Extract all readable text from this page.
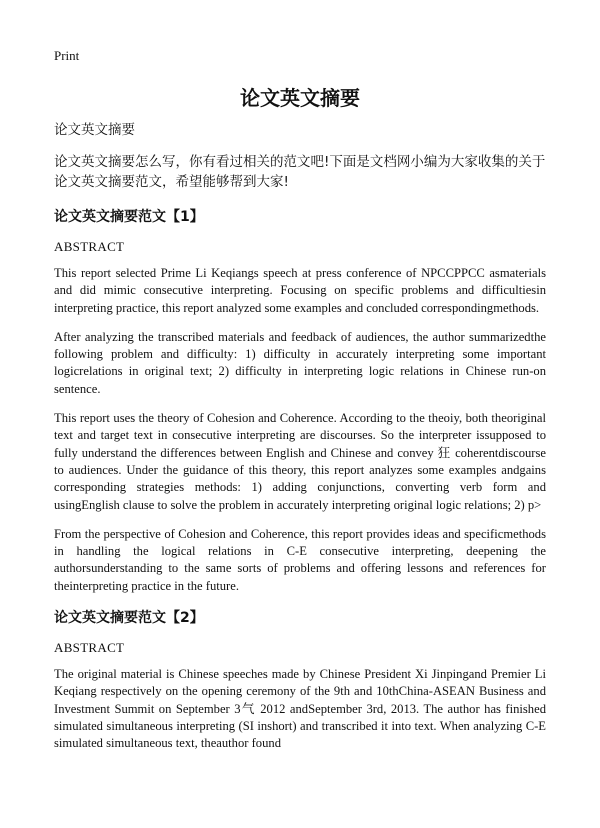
Print
论文英文摘要
论文英文摘要
论文英文摘要怎么写，你有看过相关的范文吧!下面是文档网小编为大家收集的关于论文英文摘要范文，希望能够帮到大家!
论文英文摘要范文【1】
ABSTRACT

This report selected Prime Li Keqiangs speech at press conference of NPCCPPCC asmaterials and did mimic consecutive interpreting. Focusing on specific problems and difficultiesin interpreting practice, this report analyzed some examples and concluded correspondingmethods.

After analyzing the transcribed materials and feedback of audiences, the author summarizedthe following problem and difficulty: 1) difficulty in accurately interpreting some important logicrelations in original text; 2) difficulty in interpreting logic relations in Chinese run-on sentence.

This report uses the theory of Cohesion and Coherence. According to the theoiy, both theoriginal text and target text in consecutive interpreting are discourses. So the interpreter issupposed to fully understand the differences between English and Chinese and convey 狂 coherentdiscourse to audiences. Under the guidance of this theory, this report analyzes some examples andgains corresponding strategies methods: 1) adding conjunctions, converting verb form and usingEnglish clause to solve the problem in accurately interpreting original logic relations; 2) p>

From the perspective of Cohesion and Coherence, this report provides ideas and specificmethods in handling the logical relations in C-E consecutive interpreting, deepening the authorsunderstanding to the same sorts of problems and offering lessons and references for theinterpreting practice in the future.

论文英文摘要范文【2】
ABSTRACT

The original material is Chinese speeches made by Chinese President Xi Jinpingand Premier Li Keqiang respectively on the opening ceremony of the 9th and 10thChina-ASEAN Business and Investment Summit on September 3气 2012 andSeptember 3rd, 2013. The author has finished simulated simultaneous interpreting (SI inshort) and transcribed it into text. When analyzing C-E simulated simultaneous text, theauthor found
